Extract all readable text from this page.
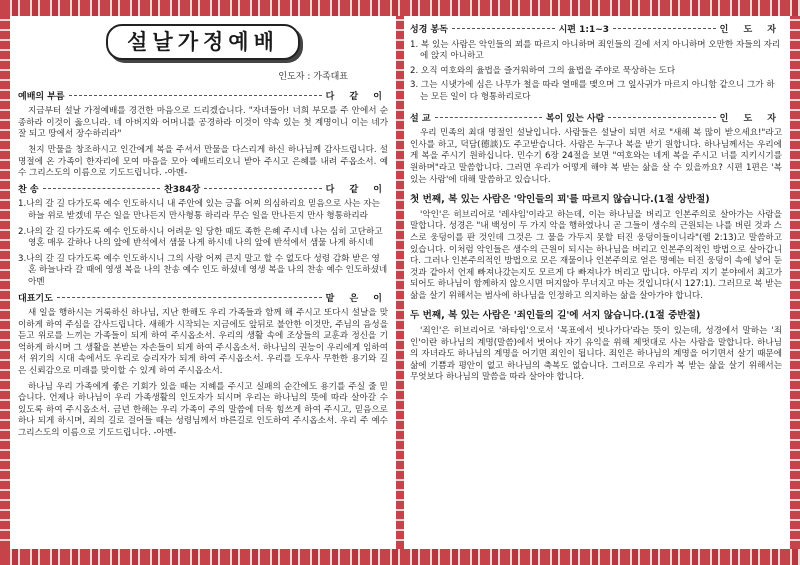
설날가정예배
인도자 : 가족대표
예배의 부름	다 같 이

지금부터 설날 가정예배를 경건한 마음으로 드리겠습니다. "자녀들아! 너희 부모를 주 안에서 순종하라 이것이 옳으니라. 네 아버지와 어머니를 공경하라 이것이 약속 있는 첫 계명이니 이는 네가 잘 되고 땅에서 장수하리라"

천지 만물을 창조하시고 인간에게 복을 주셔서 만물을 다스리게 하신 하나님께 감사드립니다. 설 명절에 온 가족이 한자리에 모여 마음을 모아 예배드리오니 받아 주시고 은혜를 내려 주옵소서. 예수 그리스도의 이름으로 기도드립니다. -아멘-

찬 송	찬384장	다 같 이

1.나의 갈 길 다가도록 예수 인도하시니 내 주안에 있는 긍휼 어찌 의심하리요 믿음으로 사는 자는 하늘 위로 받겠네 무슨 일을 만나든지 만사형통 하리라 무슨 일을 만나든지 만사 형통하리라

2.나의 갈 길 다가도록 예수 인도하시니 어려운 일 당한 때도 족한 은혜 주시네 나는 심히 고단하고 영혼 매우 갈하나 나의 앞에 반석에서 샘물 나게 하시네 나의 앞에 반석에서 샘물 나게 하시네

3.나의 갈 길 다가도록 예수 인도하시니 그의 사랑 어찌 큰지 말고 할 수 없도다 성령 감화 받은 영혼 하늘나라 갈 때에 영생 복을 나의 찬송 예수 인도 하셨네 영생 복을 나의 찬송 예수 인도하셨네 아멘

대표기도	맡 은 이

새 일을 행하시는 거룩하신 하나님, 지난 한해도 우리 가족들과 함께 해 주시고 또다시 설날을 맞이하게 하여 주심을 감사드립니다. 새해가 시작되는 지금에도 앞뒤로 불안한 이것만, 주님의 음성을 듣고 위로를 느끼는 가족들이 되게 하여 주시옵소서. 우리의 생활 속에 조상들의 교훈과 정신을 기억하게 하시며 그 생활을 본받는 자손들이 되게 하여 주시옵소서. 하나님의 권능이 우리에게 임하여서 위기의 시대 속에서도 우리로 승리자가 되게 하여 주시옵소서. 우리를 도우사 무한한 용기와 길은 신뢰감으로 미래를 맞이할 수 있게 하여 주시옵소서.

하나님 우리 가족에게 좋은 기회가 있을 때는 지혜를 주시고 실패의 순간에도 용기를 주실 줄 믿습니다. 언제나 하나님이 우리 가족생활의 인도자가 되시며 우리는 하나님의 뜻에 따라 살아갈 수 있도록 하여 주시옵소서. 금년 한해는 우리 가족이 주의 말씀에 더욱 힘쓰게 하여 주시고, 믿음으로 하나 되게 하시며, 죄의 길로 걸어들 때는 성령님께서 바른길로 인도하여 주시옵소서. 우리 주 예수 그리스도의 이름으로 기도드립니다. -아멘-

성경 봉독	시편 1:1~3	인 도 자

1. 복 있는 사람은 악인들의 꾀를 따르지 아니하며 죄인들의 길에 서지 아니하며 오만한 자들의 자리에 앉지 아니하고

2. 오직 여호와의 율법을 즐거워하여 그의 율법을 주야로 묵상하는 도다

3. 그는 시냇가에 심은 나무가 철을 따라 열매를 맺으며 그 잎사귀가 마르지 아니함 같으니 그가 하는 모든 일이 다 형통하리로다

설 교	복이 있는 사람	인 도 자

우리 민족의 최대 명절인 설날입니다. 사람들은 설날이 되면 서로 "새해 복 많이 받으세요!"라고 인사를 하고, 덕담(德談)도 주고받습니다. 사람은 누구나 복을 받기 원합니다. 하나님께서는 우리에게 복을 주시기 원하십니다. 민수기 6장 24절을 보면 "여호와는 네게 복을 주시고 너를 지키시기를 원하며"라고 말씀합니다. 그러면 우리가 어떻게 해야 복 받는 삶을 살 수 있을까요? 시편 1편은 '복 있는 사람'에 대해 말씀하고 있습니다.

첫 번째, 복 있는 사람은 '악인들의 꾀'를 따르지 않습니다.(1절 상반절)

'악인'은 히브리어로 '레샤임'이라고 하는데, 이는 하나님을 버리고 인본주의로 살아가는 사람을 말합니다. 성경은 "내 백성이 두 가지 악을 행하였나니 곧 그들이 생수의 근원되는 나를 버린 것과 스스로 웅덩이를 판 것인데 그것은 그 물을 가두지 못할 터진 웅덩이들이니라"(렘 2:13)고 말씀하고 있습니다. 이처럼 악인들은 생수의 근원이 되시는 하나님을 버리고 인본주의적인 방법으로 살아갑니다. 그러나 인본주의적인 방법으로 모은 재물이나 인본주의로 얻은 명예는 터진 웅덩이 속에 넣어 둔 것과 같아서 언제 빠져나갔는지도 모르게 다 빠져나가 버리고 맙니다. 아무리 지기 분야에서 최고가 되어도 하나님이 함께하지 않으시면 머지않아 무너지고 마는 것입니다(시 127:1). 그러므로 복 받는 삶을 살기 위해서는 범사에 하나님을 인정하고 의지하는 삶을 살아가야 합니다.

두 번째, 복 있는 사람은 '죄인들의 길'에 서지 않습니다.(1절 중반절)

'죄인'은 히브리어로 '하타임'으로서 '목표에서 빗나가다'라는 뜻이 있는데, 성경에서 말하는 '죄인'이란 하나님의 계명(말씀)에서 벗어나 자기 유익을 위해 제멋대로 사는 사람을 말합니다. 하나님의 자녀라도 하나님의 계명을 어기면 죄인이 됩니다. 죄인은 하나님의 계명을 어기면서 살기 때문에 삶에 기쁨과 평안이 없고 하나님의 축복도 없습니다. 그러므로 우리가 복 받는 삶을 살기 위해서는 무엇보다 하나님의 말씀을 따라 살아야 합니다.
